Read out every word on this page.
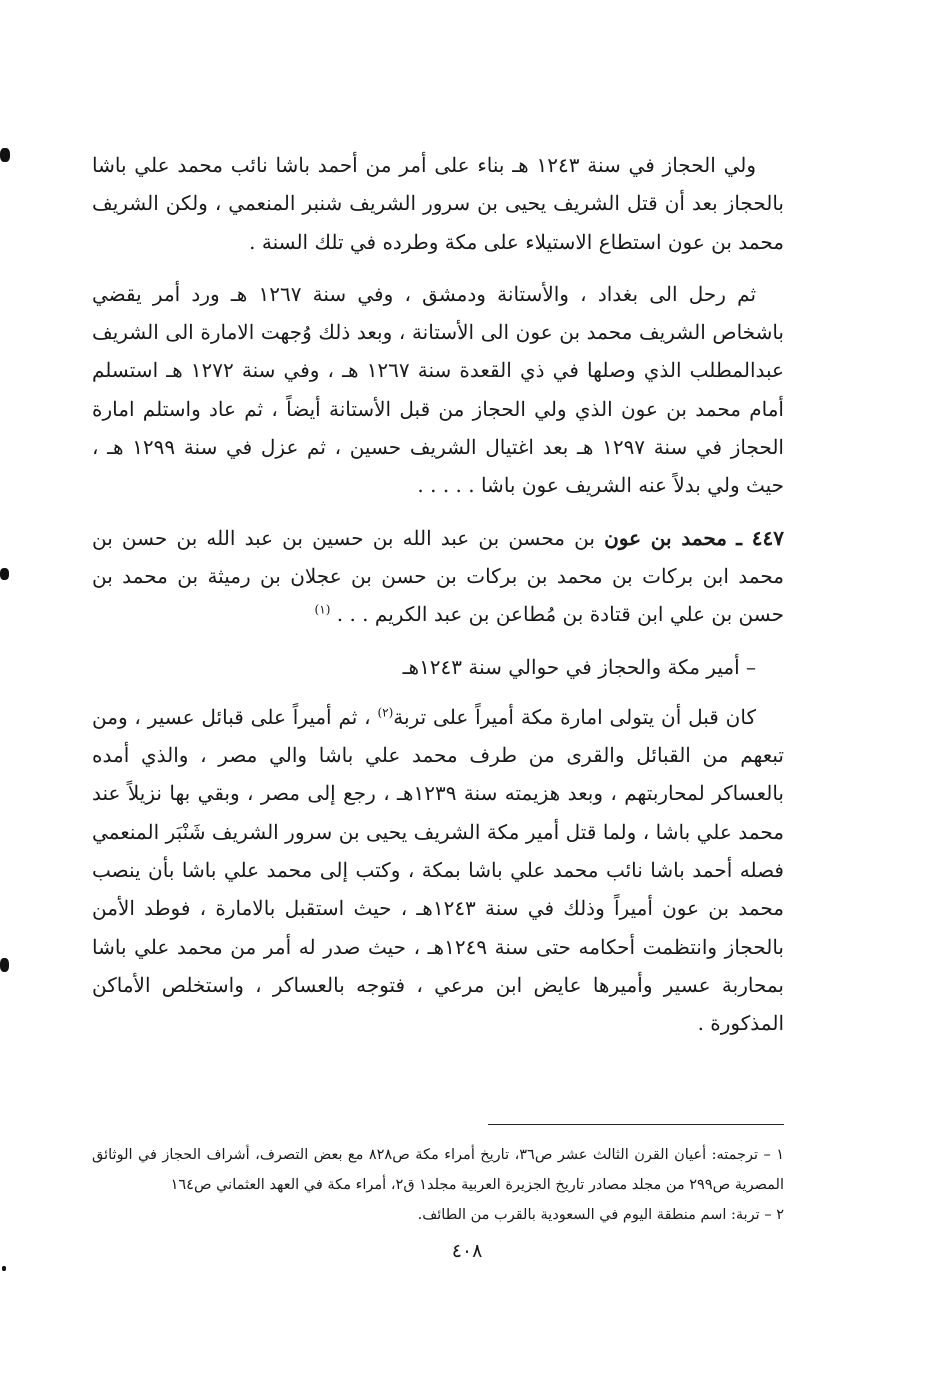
ولي الحجاز في سنة ١٢٤٣ هـ بناء على أمر من أحمد باشا نائب محمد علي باشا بالحجاز بعد أن قتل الشريف يحيى بن سرور الشريف شنبر المنعمي ، ولكن الشريف محمد بن عون استطاع الاستيلاء على مكة وطرده في تلك السنة .

ثم رحل الى بغداد ، والأستانة ودمشق ، وفي سنة ١٢٦٧ هـ ورد أمر يقضي باشخاص الشريف محمد بن عون الى الأستانة ، وبعد ذلك وُجهت الامارة الى الشريف عبدالمطلب الذي وصلها في ذي القعدة سنة ١٢٦٧ هـ ، وفي سنة ١٢٧٢ هـ استسلم أمام محمد بن عون الذي ولي الحجاز من قبل الأستانة أيضاً ، ثم عاد واستلم امارة الحجاز في سنة ١٢٩٧ هـ بعد اغتيال الشريف حسين ، ثم عزل في سنة ١٢٩٩ هـ ، حيث ولي بدلاً عنه الشريف عون باشا . . . . .

٤٤٧ ـ محمد بن عون بن محسن بن عبد الله بن حسين بن عبد الله بن حسن بن محمد ابن بركات بن محمد بن بركات بن حسن بن عجلان بن رميثة بن محمد بن حسن بن علي ابن قتادة بن مُطاعن بن عبد الكريم . . . $^{(١)}$

– أمير مكة والحجاز في حوالي سنة ١٢٤٣هـ

كان قبل أن يتولى امارة مكة أميراً على تربة$^{(٢)}$ ، ثم أميراً على قبائل عسير ، ومن تبعهم من القبائل والقرى من طرف محمد علي باشا والي مصر ، والذي أمده بالعساكر لمحاربتهم ، وبعد هزيمته سنة ١٢٣٩هـ ، رجع إلى مصر ، وبقي بها نزيلاً عند محمد علي باشا ، ولما قتل أمير مكة الشريف يحيى بن سرور الشريف شَنْبَر المنعمي فصله أحمد باشا نائب محمد علي باشا بمكة ، وكتب إلى محمد علي باشا بأن ينصب محمد بن عون أميراً وذلك في سنة ١٢٤٣هـ ، حيث استقبل بالامارة ، فوطد الأمن بالحجاز وانتظمت أحكامه حتى سنة ١٢٤٩هـ ، حيث صدر له أمر من محمد علي باشا بمحاربة عسير وأميرها عايض ابن مرعي ، فتوجه بالعساكر ، واستخلص الأماكن المذكورة .

١ – ترجمته: أعيان القرن الثالث عشر ص٣٦، تاريخ أمراء مكة ص٨٢٨ مع بعض التصرف، أشراف الحجاز في الوثائق المصرية ص٢٩٩ من مجلد مصادر تاريخ الجزيرة العربية مجلد١ ق٢، أمراء مكة في العهد العثماني ص١٦٤

٢ – تربة: اسم منطقة اليوم في السعودية بالقرب من الطائف.

٤٠٨
